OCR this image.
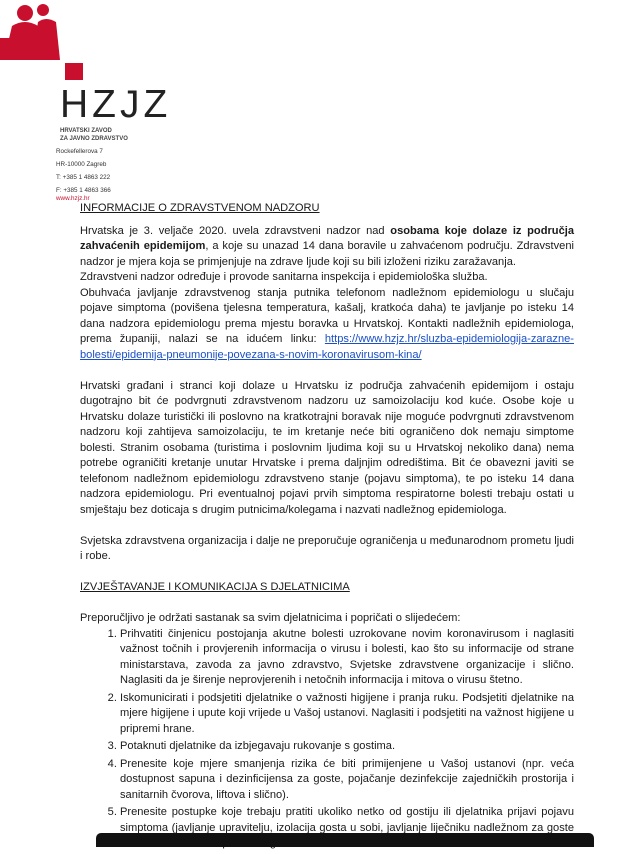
HZJZ
HRVATSKI ZAVOD
ZA JAVNO ZDRAVSTVO
Rockefellerova 7
HR-10000 Zagreb
T: +385 1 4863 222
F: +385 1 4863 366
www.hzjz.hr

INFORMACIJE O ZDRAVSTVENOM NADZORU

Hrvatska je 3. veljače 2020. uvela zdravstveni nadzor nad osobama koje dolaze iz područja zahvaćenih epidemijom, a koje su unazad 14 dana boravile u zahvaćenom području. Zdravstveni nadzor je mjera koja se primjenjuje na zdrave ljude koji su bili izloženi riziku zaražavanja.

Zdravstveni nadzor određuje i provode sanitarna inspekcija i epidemiološka služba.

Obuhvaća javljanje zdravstvenog stanja putnika telefonom nadležnom epidemiologu u slučaju pojave simptoma (povišena tjelesna temperatura, kašalj, kratkoća daha) te javljanje po isteku 14 dana nadzora epidemiologu prema mjestu boravka u Hrvatskoj. Kontakti nadležnih epidemiologa, prema županiji, nalazi se na idućem linku: https://www.hzjz.hr/sluzba-epidemiologija-zarazne-bolesti/epidemija-pneumonije-povezana-s-novim-koronavirusom-kina/

Hrvatski građani i stranci koji dolaze u Hrvatsku iz područja zahvaćenih epidemijom i ostaju dugotrajno bit će podvrgnuti zdravstvenom nadzoru uz samoizolaciju kod kuće. Osobe koje u Hrvatsku dolaze turistički ili poslovno na kratkotrajni boravak nije moguće podvrgnuti zdravstvenom nadzoru koji zahtijeva samoizolaciju, te im kretanje neće biti ograničeno dok nemaju simptome bolesti. Stranim osobama (turistima i poslovnim ljudima koji su u Hrvatskoj nekoliko dana) nema potrebe ograničiti kretanje unutar Hrvatske i prema daljnjim odredištima. Bit će obavezni javiti se telefonom nadležnom epidemiologu zdravstveno stanje (pojavu simptoma), te po isteku 14 dana nadzora epidemiologu. Pri eventualnoj pojavi prvih simptoma respiratorne bolesti trebaju ostati u smještaju bez doticaja s drugim putnicima/kolegama i nazvati nadležnog epidemiologa.

Svjetska zdravstvena organizacija i dalje ne preporučuje ograničenja u međunarodnom prometu ljudi i robe.

IZVJEŠTAVANJE I KOMUNIKACIJA S DJELATNICIMA

Preporučljivo je održati sastanak sa svim djelatnicima i popričati o slijedećem:

1. Prihvatiti činjenicu postojanja akutne bolesti uzrokovane novim koronavirusom i naglasiti važnost točnih i provjerenih informacija o virusu i bolesti, kao što su informacije od strane ministarstava, zavoda za javno zdravstvo, Svjetske zdravstvene organizacije i slično. Naglasiti da je širenje neprovjerenih i netočnih informacija i mitova o virusu štetno.
2. Iskomunicirati i podsjetiti djelatnike o važnosti higijene i pranja ruku. Podsjetiti djelatnike na mjere higijene i upute koji vrijede u Vašoj ustanovi. Naglasiti i podsjetiti na važnost higijene u pripremi hrane.
3. Potaknuti djelatnike da izbjegavaju rukovanje s gostima.
4. Prenesite koje mjere smanjenja rizika će biti primijenjene u Vašoj ustanovi (npr. veća dostupnost sapuna i dezinficijensa za goste, pojačanje dezinfekcije zajedničkih prostorija i sanitarnih čvorova, liftova i slično).
5. Prenesite postupke koje trebaju pratiti ukoliko netko od gostiju ili djelatnika prijavi pojavu simptoma (javljanje upravitelju, izolacija gosta u sobi, javljanje liječniku nadležnom za goste
